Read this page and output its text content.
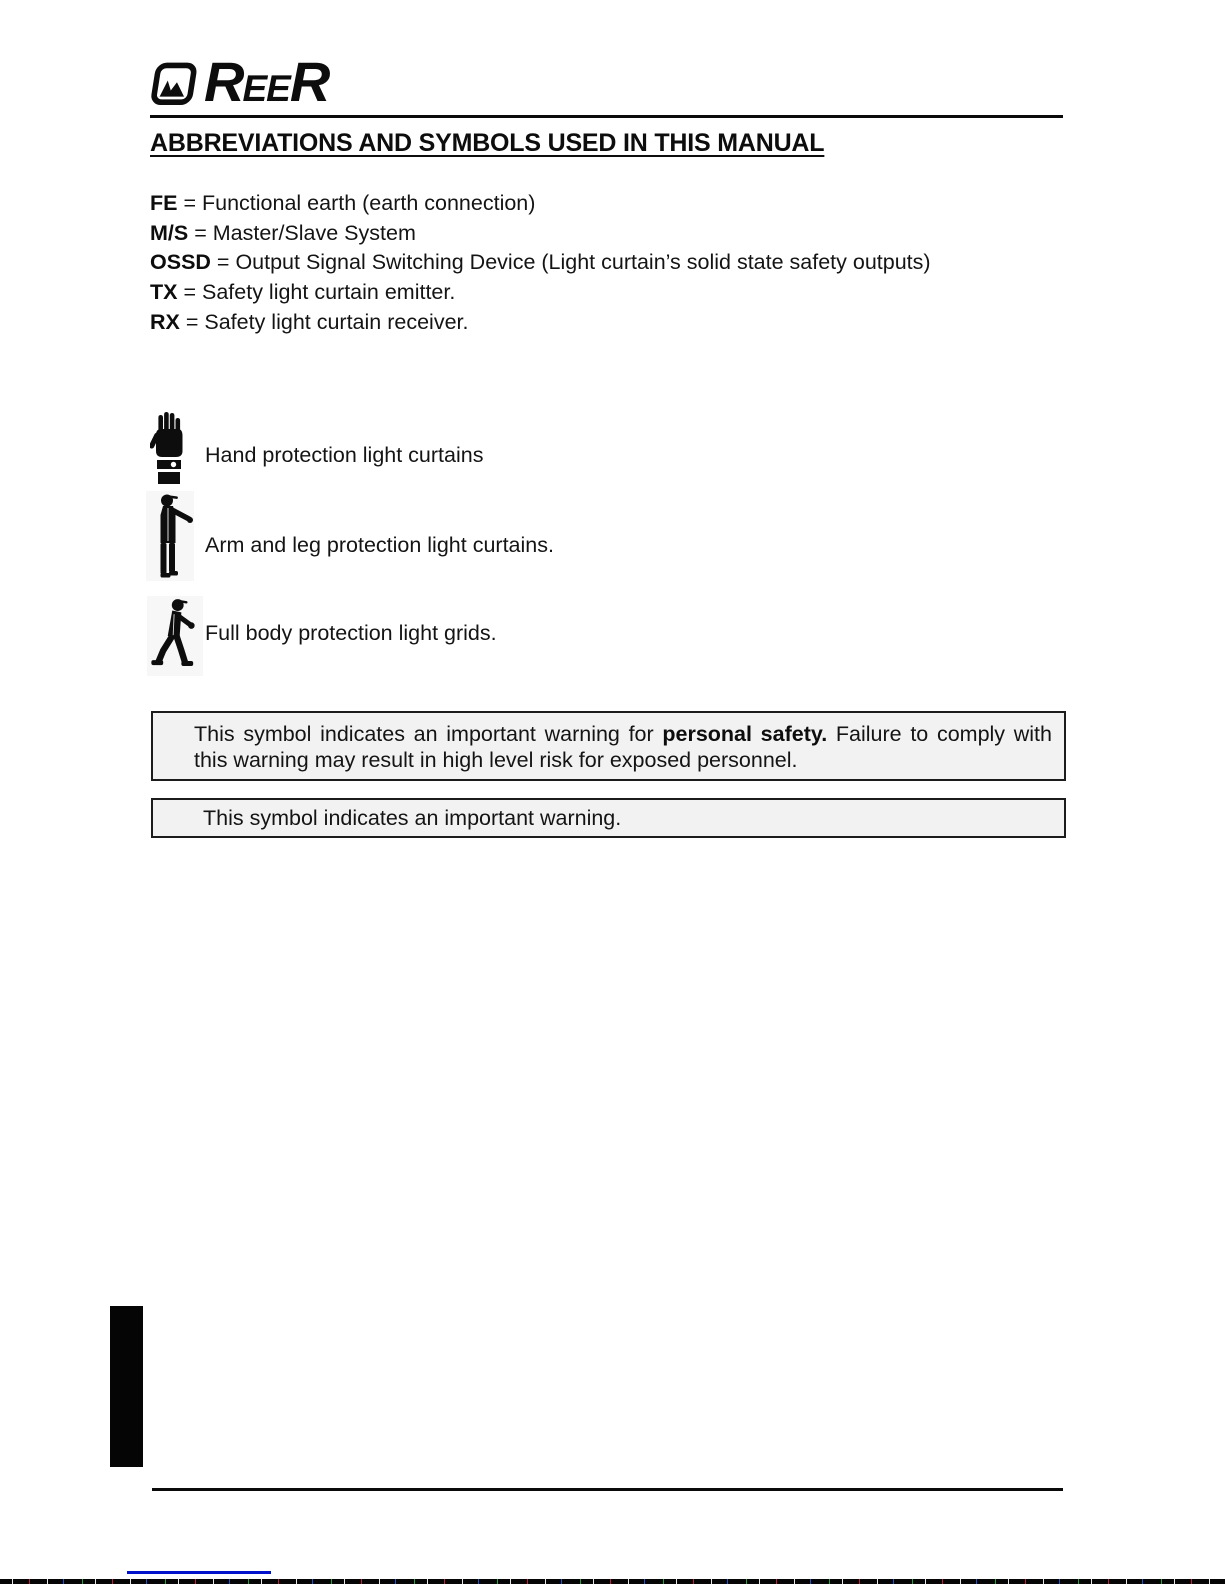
REER
ABBREVIATIONS AND SYMBOLS USED IN THIS MANUAL
FE = Functional earth (earth connection)
M/S = Master/Slave System
OSSD = Output Signal Switching Device (Light curtain’s solid state safety outputs)
TX = Safety light curtain emitter.
RX = Safety light curtain receiver.
Hand protection light curtains
Arm and leg protection light curtains.
Full body protection light grids.

This symbol indicates an important warning for personal safety. Failure to comply with this warning may result in high level risk for exposed personnel.

This symbol indicates an important warning.
